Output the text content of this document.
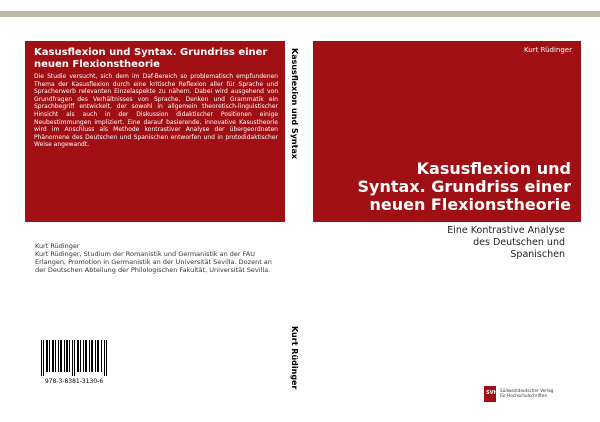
Kasusflexion und Syntax. Grundriss einer neuen Flexionstheorie

Die Studie versucht, sich dem im Daf-Bereich so problematisch empfundenen Thema der Kasusflexion durch eine kritische Reflexion aller für Sprache und Spracherwerb relevanten Einzelaspekte zu nähern. Dabei wird ausgehend von Grundfragen des Verhältnisses von Sprache, Denken und Grammatik ein Sprachbegriff entwickelt, der sowohl in allgemein theoretisch-linguistischer Hinsicht als auch in der Diskussion didaktischer Positionen einige Neubestimmungen impliziert. Eine darauf basierende, innovative Kasustheorie wird im Anschluss als Methode kontrastiver Analyse der übergeordneten Phänomene des Deutschen und Spanischen entworfen und in protodidaktischer Weise angewandt.	Kasusflexion und Syntax
Kurt Rüdinger
Kurt Rüdinger
Kasusflexion und Syntax. Grundriss einer neuen Flexionstheorie

Eine Kontrastive Analyse des Deutschen und Spanischen

Kurt Rüdinger
Kurt Rüdinger, Studium der Romanistik und Germanistik an der FAU Erlangen, Promotion in Germanistik an der Universität Sevilla. Dozent an der Deutschen Abteilung der Philologischen Fakultät, Universität Sevilla.
978-3-8381-3130-6
SVH Südwestdeutscher Verlag
für Hochschulschriften
